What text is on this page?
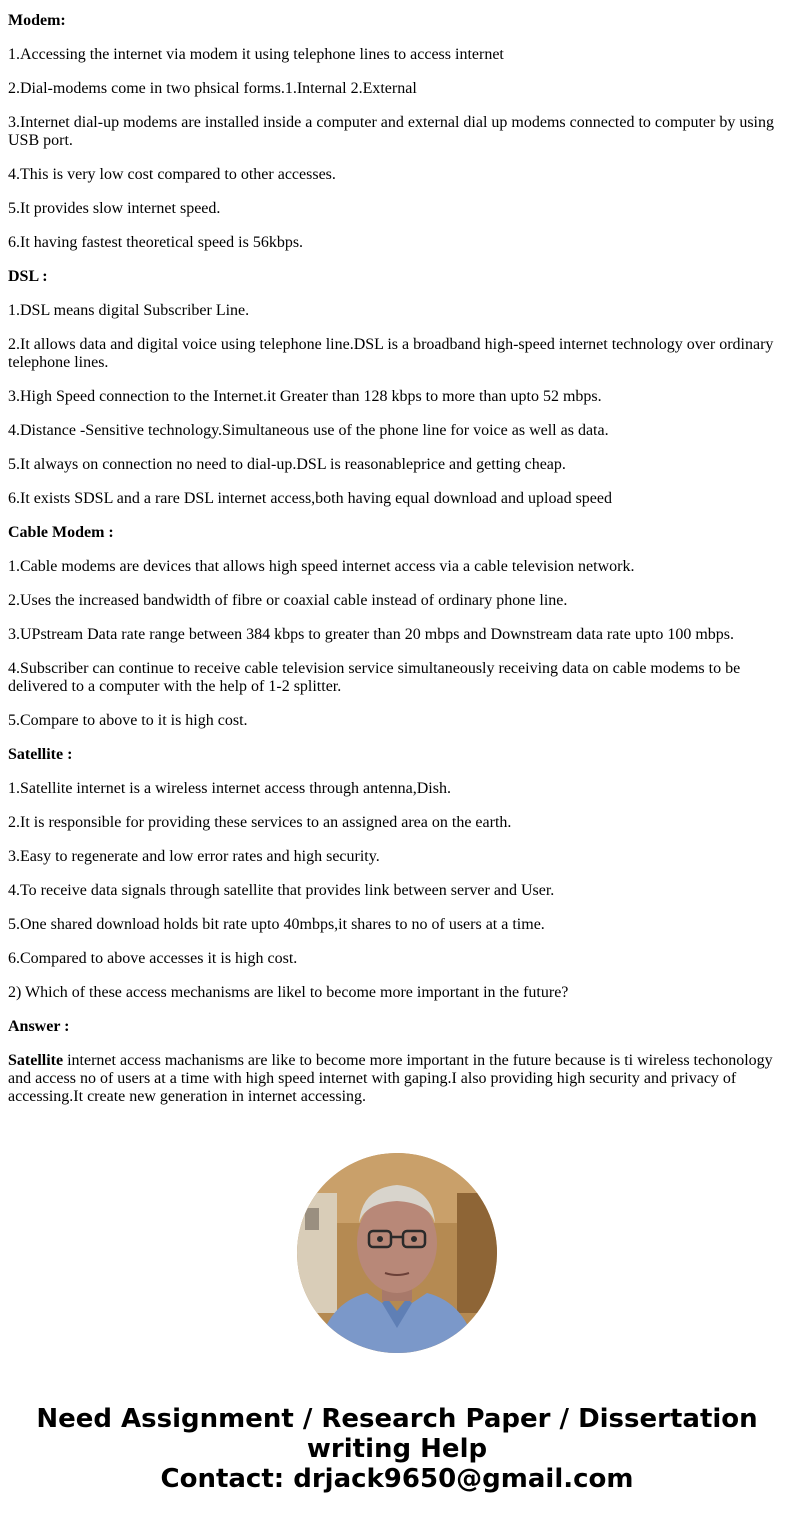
Modem:

1.Accessing the internet via modem it using telephone lines to access internet

2.Dial-modems come in two phsical forms.1.Internal 2.External

3.Internet dial-up modems are installed inside a computer and external dial up modems connected to computer by using USB port.

4.This is very low cost compared to other accesses.

5.It provides slow internet speed.

6.It having fastest theoretical speed is 56kbps.

DSL :

1.DSL means digital Subscriber Line.

2.It allows data and digital voice using telephone line.DSL is a broadband high-speed internet technology over ordinary telephone lines.

3.High Speed connection to the Internet.it Greater than 128 kbps to more than upto 52 mbps.

4.Distance -Sensitive technology.Simultaneous use of the phone line for voice as well as data.

5.It always on connection no need to dial-up.DSL is reasonableprice and getting cheap.

6.It exists SDSL and a rare DSL internet access,both having equal download and upload speed

Cable Modem :

1.Cable modems are devices that allows high speed internet access via a cable television network.

2.Uses the increased bandwidth of fibre or coaxial cable instead of ordinary phone line.

3.UPstream Data rate range between 384 kbps to greater than 20 mbps and Downstream data rate upto 100 mbps.

4.Subscriber can continue to receive cable television service simultaneously receiving data on cable modems to be delivered to a computer with the help of 1-2 splitter.

5.Compare to above to it is high cost.

Satellite :

1.Satellite internet is a wireless internet access through antenna,Dish.

2.It is responsible for providing these services to an assigned area on the earth.

3.Easy to regenerate and low error rates and high security.

4.To receive data signals through satellite that provides link between server and User.

5.One shared download holds bit rate upto 40mbps,it shares to no of users at a time.

6.Compared to above accesses it is high cost.

2) Which of these access mechanisms are likel to become more important in the future?

Answer :

Satellite internet access machanisms are like to become more important in the future because is ti wireless techonology and access no of users at a time with high speed internet with gaping.I also providing high security and privacy of accessing.It create new generation in internet accessing.

Need Assignment / Research Paper / Dissertation writing Help
Contact: drjack9650@gmail.com
